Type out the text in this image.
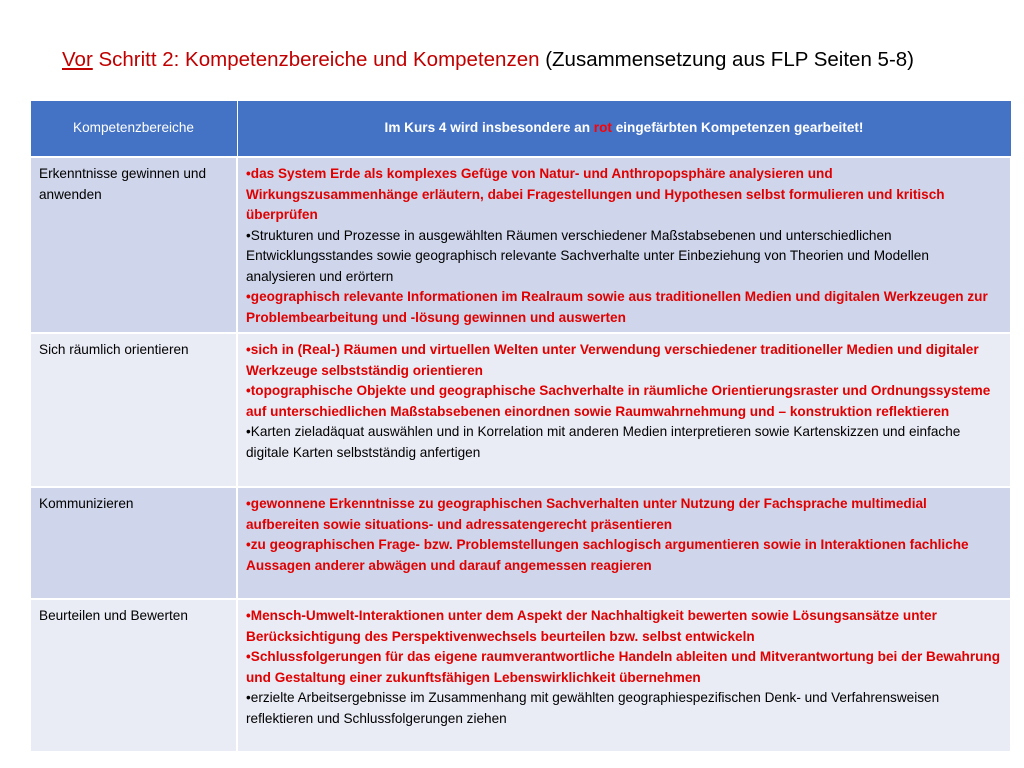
Vor Schritt 2: Kompetenzbereiche und Kompetenzen (Zusammensetzung aus FLP Seiten 5-8)
Kompetenzbereiche	Im Kurs 4 wird insbesondere an rot eingefärbten Kompetenzen gearbeitet!
Erkenntnisse gewinnen und anwenden	•das System Erde als komplexes Gefüge von Natur- und Anthropopsphäre analysieren und Wirkungszusammenhänge erläutern, dabei Fragestellungen und Hypothesen selbst formulieren und kritisch überprüfen
•Strukturen und Prozesse in ausgewählten Räumen verschiedener Maßstabsebenen und unterschiedlichen Entwicklungsstandes sowie geographisch relevante Sachverhalte unter Einbeziehung von Theorien und Modellen analysieren und erörtern
•geographisch relevante Informationen im Realraum sowie aus traditionellen Medien und digitalen Werkzeugen zur Problembearbeitung und -lösung gewinnen und auswerten

Sich räumlich orientieren	•sich in (Real-) Räumen und virtuellen Welten unter Verwendung verschiedener traditioneller Medien und digitaler Werkzeuge selbstständig orientieren
•topographische Objekte und geographische Sachverhalte in räumliche Orientierungsraster und Ordnungssysteme auf unterschiedlichen Maßstabsebenen einordnen sowie Raumwahrnehmung und – konstruktion reflektieren
•Karten zieladäquat auswählen und in Korrelation mit anderen Medien interpretieren sowie Kartenskizzen und einfache digitale Karten selbstständig anfertigen

Kommunizieren	•gewonnene Erkenntnisse zu geographischen Sachverhalten unter Nutzung der Fachsprache multimedial aufbereiten sowie situations- und adressatengerecht präsentieren
•zu geographischen Frage- bzw. Problemstellungen sachlogisch argumentieren sowie in Interaktionen fachliche Aussagen anderer abwägen und darauf angemessen reagieren

Beurteilen und Bewerten	•Mensch-Umwelt-Interaktionen unter dem Aspekt der Nachhaltigkeit bewerten sowie Lösungsansätze unter Berücksichtigung des Perspektivenwechsels beurteilen bzw. selbst entwickeln
•Schlussfolgerungen für das eigene raumverantwortliche Handeln ableiten und Mitverantwortung bei der Bewahrung und Gestaltung einer zukunftsfähigen Lebenswirklichkeit übernehmen
•erzielte Arbeitsergebnisse im Zusammenhang mit gewählten geographiespezifischen Denk- und Verfahrensweisen reflektieren und Schlussfolgerungen ziehen
